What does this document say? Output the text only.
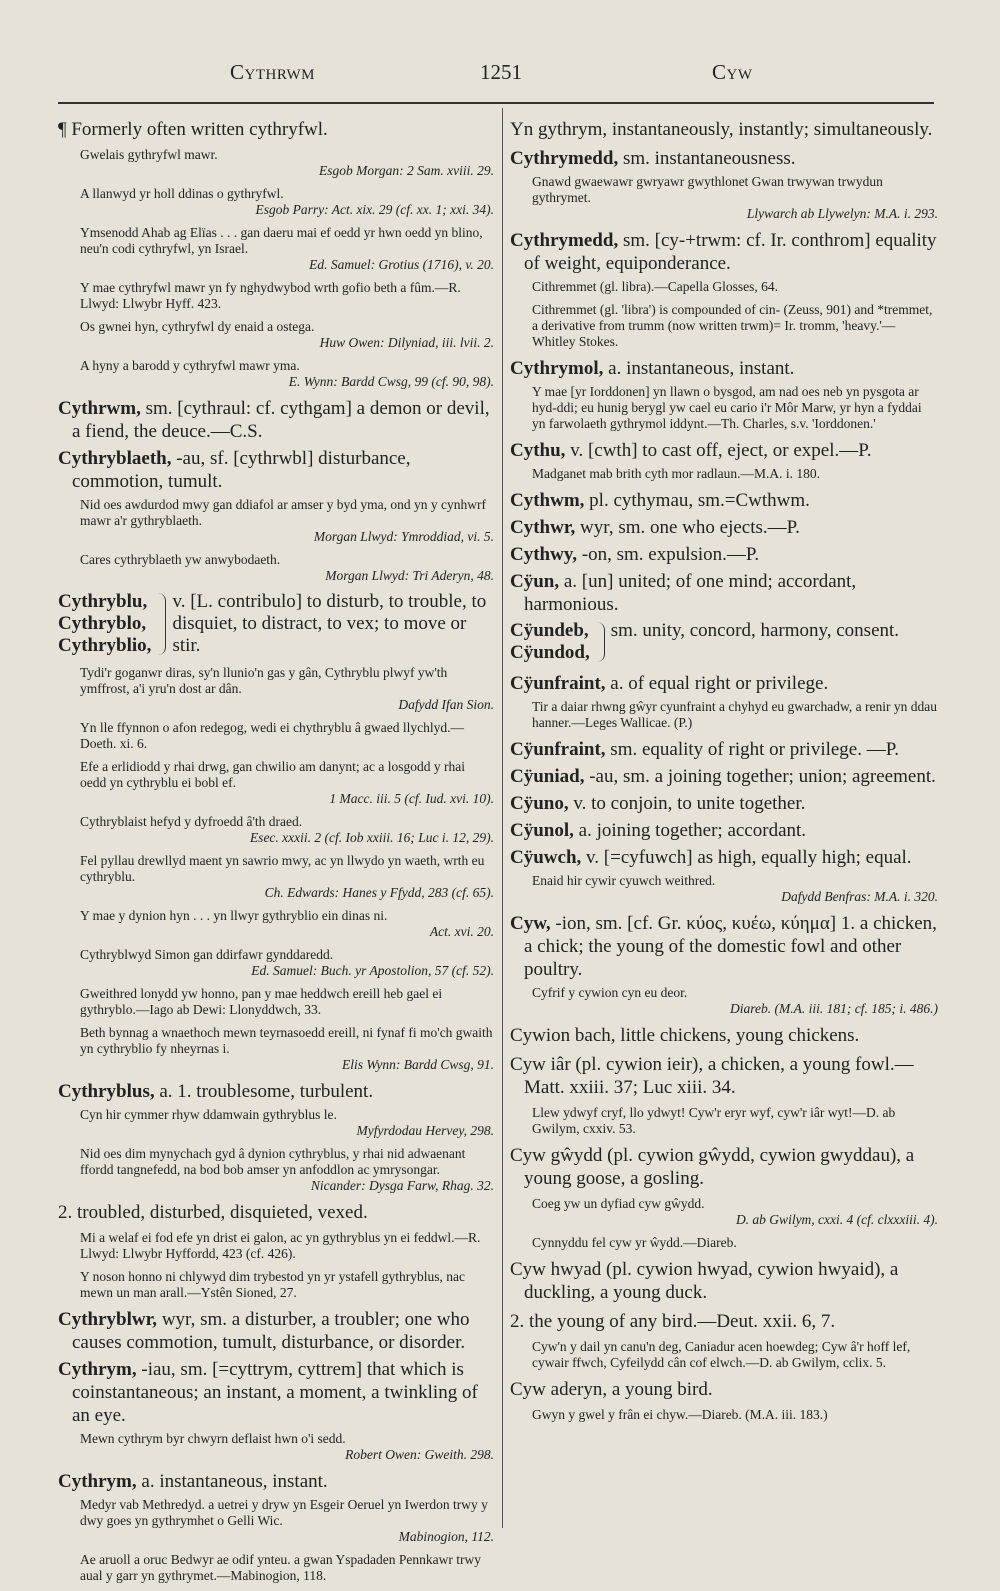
Cythrwm	1251	Cyw
¶ Formerly often written cythryfwl.
Gwelais gythryfwl mawr.
Esgob Morgan: 2 Sam. xviii. 29.
A llanwyd yr holl ddinas o gythryfwl.
Esgob Parry: Act. xix. 29 (cf. xx. 1; xxi. 34).
Ymsenodd Ahab ag Elïas . . . gan daeru mai ef oedd yr hwn oedd yn blino, neu'n codi cythryfwl, yn Israel.
Ed. Samuel: Grotius (1716), v. 20.
Y mae cythryfwl mawr yn fy nghydwybod wrth gofio beth a fûm.—R. Llwyd: Llwybr Hyff. 423.
Os gwnei hyn, cythryfwl dy enaid a ostega.
Huw Owen: Dilyniad, iii. lvii. 2.
A hyny a barodd y cythryfwl mawr yma.
E. Wynn: Bardd Cwsg, 99 (cf. 90, 98).
Cythrwm, sm. [cythraul: cf. cythgam] a demon or devil, a fiend, the deuce.—C.S.
Cythryblaeth, -au, sf. [cythrwbl] disturbance, commotion, tumult.
Nid oes awdurdod mwy gan ddiafol ar amser y byd yma, ond yn y cynhwrf mawr a'r gythryblaeth.
Morgan Llwyd: Ymroddiad, vi. 5.
Cares cythryblaeth yw anwybodaeth.
Morgan Llwyd: Tri Aderyn, 48.
Cythryblu,
Cythryblo,
Cythryblio,
v. [L. contribulo] to disturb, to trouble, to disquiet, to distract, to vex; to move or stir.
Tydi'r goganwr diras, sy'n llunio'n gas y gân, Cythryblu plwyf yw'th ymffrost, a'i yru'n dost ar dân.
Dafydd Ifan Sion.
Yn lle ffynnon o afon redegog, wedi ei chythryblu â gwaed llychlyd.—Doeth. xi. 6.
Efe a erlidiodd y rhai drwg, gan chwilio am danynt; ac a losgodd y rhai oedd yn cythryblu ei bobl ef.
1 Macc. iii. 5 (cf. Iud. xvi. 10).
Cythryblaist hefyd y dyfroedd â'th draed.
Esec. xxxii. 2 (cf. Iob xxiii. 16; Luc i. 12, 29).
Fel pyllau drewllyd maent yn sawrio mwy, ac yn llwydo yn waeth, wrth eu cythryblu.
Ch. Edwards: Hanes y Ffydd, 283 (cf. 65).
Y mae y dynion hyn . . . yn llwyr gythryblio ein dinas ni.
Act. xvi. 20.
Cythryblwyd Simon gan ddirfawr gynddaredd.
Ed. Samuel: Buch. yr Apostolion, 57 (cf. 52).
Gweithred lonydd yw honno, pan y mae heddwch ereill heb gael ei gythryblo.—Iago ab Dewi: Llonyddwch, 33.
Beth bynnag a wnaethoch mewn teyrnasoedd ereill, ni fynaf fi mo'ch gwaith yn cythryblio fy nheyrnas i.
Elis Wynn: Bardd Cwsg, 91.
Cythryblus, a. 1. troublesome, turbulent.
Cyn hir cymmer rhyw ddamwain gythryblus le.
Myfyrdodau Hervey, 298.
Nid oes dim mynychach gyd â dynion cythryblus, y rhai nid adwaenant ffordd tangnefedd, na bod bob amser yn anfoddlon ac ymrysongar.
Nicander: Dysga Farw, Rhag. 32.
2. troubled, disturbed, disquieted, vexed.
Mi a welaf ei fod efe yn drist ei galon, ac yn gythryblus yn ei feddwl.—R. Llwyd: Llwybr Hyffordd, 423 (cf. 426).
Y noson honno ni chlywyd dim trybestod yn yr ystafell gythryblus, nac mewn un man arall.—Ystên Sioned, 27.
Cythryblwr, wyr, sm. a disturber, a troubler; one who causes commotion, tumult, disturbance, or disorder.
Cythrym, -iau, sm. [=cyttrym, cyttrem] that which is coinstantaneous; an instant, a moment, a twinkling of an eye.
Mewn cythrym byr chwyrn deflaist hwn o'i sedd.
Robert Owen: Gweith. 298.
Cythrym, a. instantaneous, instant.
Medyr vab Methredyd. a uetrei y dryw yn Esgeir Oeruel yn Iwerdon trwy y dwy goes yn gythrymhet o Gelli Wic.
Mabinogion, 112.
Ae aruoll a oruc Bedwyr ae odif ynteu. a gwan Yspadaden Pennkawr trwy aual y garr yn gythrymet.—Mabinogion, 118.
Yn gythrym, instantaneously, instantly; simultaneously.
Cythrymedd, sm. instantaneousness.
Gnawd gwaewawr gwryawr gwythlonet Gwan trwywan trwydun gythrymet.
Llywarch ab Llywelyn: M.A. i. 293.
Cythrymedd, sm. [cy-+trwm: cf. Ir. conthrom] equality of weight, equiponderance.
Cithremmet (gl. libra).—Capella Glosses, 64.
Cithremmet (gl. 'libra') is compounded of cin- (Zeuss, 901) and *tremmet, a derivative from trumm (now written trwm)= Ir. tromm, 'heavy.'—Whitley Stokes.
Cythrymol, a. instantaneous, instant.
Y mae [yr Iorddonen] yn llawn o bysgod, am nad oes neb yn pysgota ar hyd-ddi; eu hunig berygl yw cael eu cario i'r Môr Marw, yr hyn a fyddai yn farwolaeth gythrymol iddynt.—Th. Charles, s.v. 'Iorddonen.'
Cythu, v. [cwth] to cast off, eject, or expel.—P.
Madganet mab brith cyth mor radlaun.—M.A. i. 180.
Cythwm, pl. cythymau, sm.=Cwthwm.
Cythwr, wyr, sm. one who ejects.—P.
Cythwy, -on, sm. expulsion.—P.
Cÿun, a. [un] united; of one mind; accordant, harmonious.
Cÿundeb,
Cÿundod,
sm. unity, concord, harmony, consent.
Cÿunfraint, a. of equal right or privilege.
Tir a daiar rhwng gŵyr cyunfraint a chyhyd eu gwarchadw, a renir yn ddau hanner.—Leges Wallicae. (P.)
Cÿunfraint, sm. equality of right or privilege. —P.
Cÿuniad, -au, sm. a joining together; union; agreement.
Cÿuno, v. to conjoin, to unite together.
Cÿunol, a. joining together; accordant.
Cÿuwch, v. [=cyfuwch] as high, equally high; equal.
Enaid hir cywir cyuwch weithred.
Dafydd Benfras: M.A. i. 320.
Cyw, -ion, sm. [cf. Gr. κύος, κυέω, κύημα] 1. a chicken, a chick; the young of the domestic fowl and other poultry.
Cyfrif y cywion cyn eu deor.
Diareb. (M.A. iii. 181; cf. 185; i. 486.)
Cywion bach, little chickens, young chickens.
Cyw iâr (pl. cywion ieir), a chicken, a young fowl.—Matt. xxiii. 37; Luc xiii. 34.
Llew ydwyf cryf, llo ydwyt! Cyw'r eryr wyf, cyw'r iâr wyt!—D. ab Gwilym, cxxiv. 53.
Cyw gŵydd (pl. cywion gŵydd, cywion gwyddau), a young goose, a gosling.
Coeg yw un dyfiad cyw gŵydd.
D. ab Gwilym, cxxi. 4 (cf. clxxxiii. 4).
Cynnyddu fel cyw yr ŵydd.—Diareb.
Cyw hwyad (pl. cywion hwyad, cywion hwyaid), a duckling, a young duck.
2. the young of any bird.—Deut. xxii. 6, 7.
Cyw'n y dail yn canu'n deg, Caniadur acen hoewdeg; Cyw â'r hoff lef, cywair ffwch, Cyfeilydd cân cof elwch.—D. ab Gwilym, cclix. 5.
Cyw aderyn, a young bird.
Gwyn y gwel y frân ei chyw.—Diareb. (M.A. iii. 183.)
